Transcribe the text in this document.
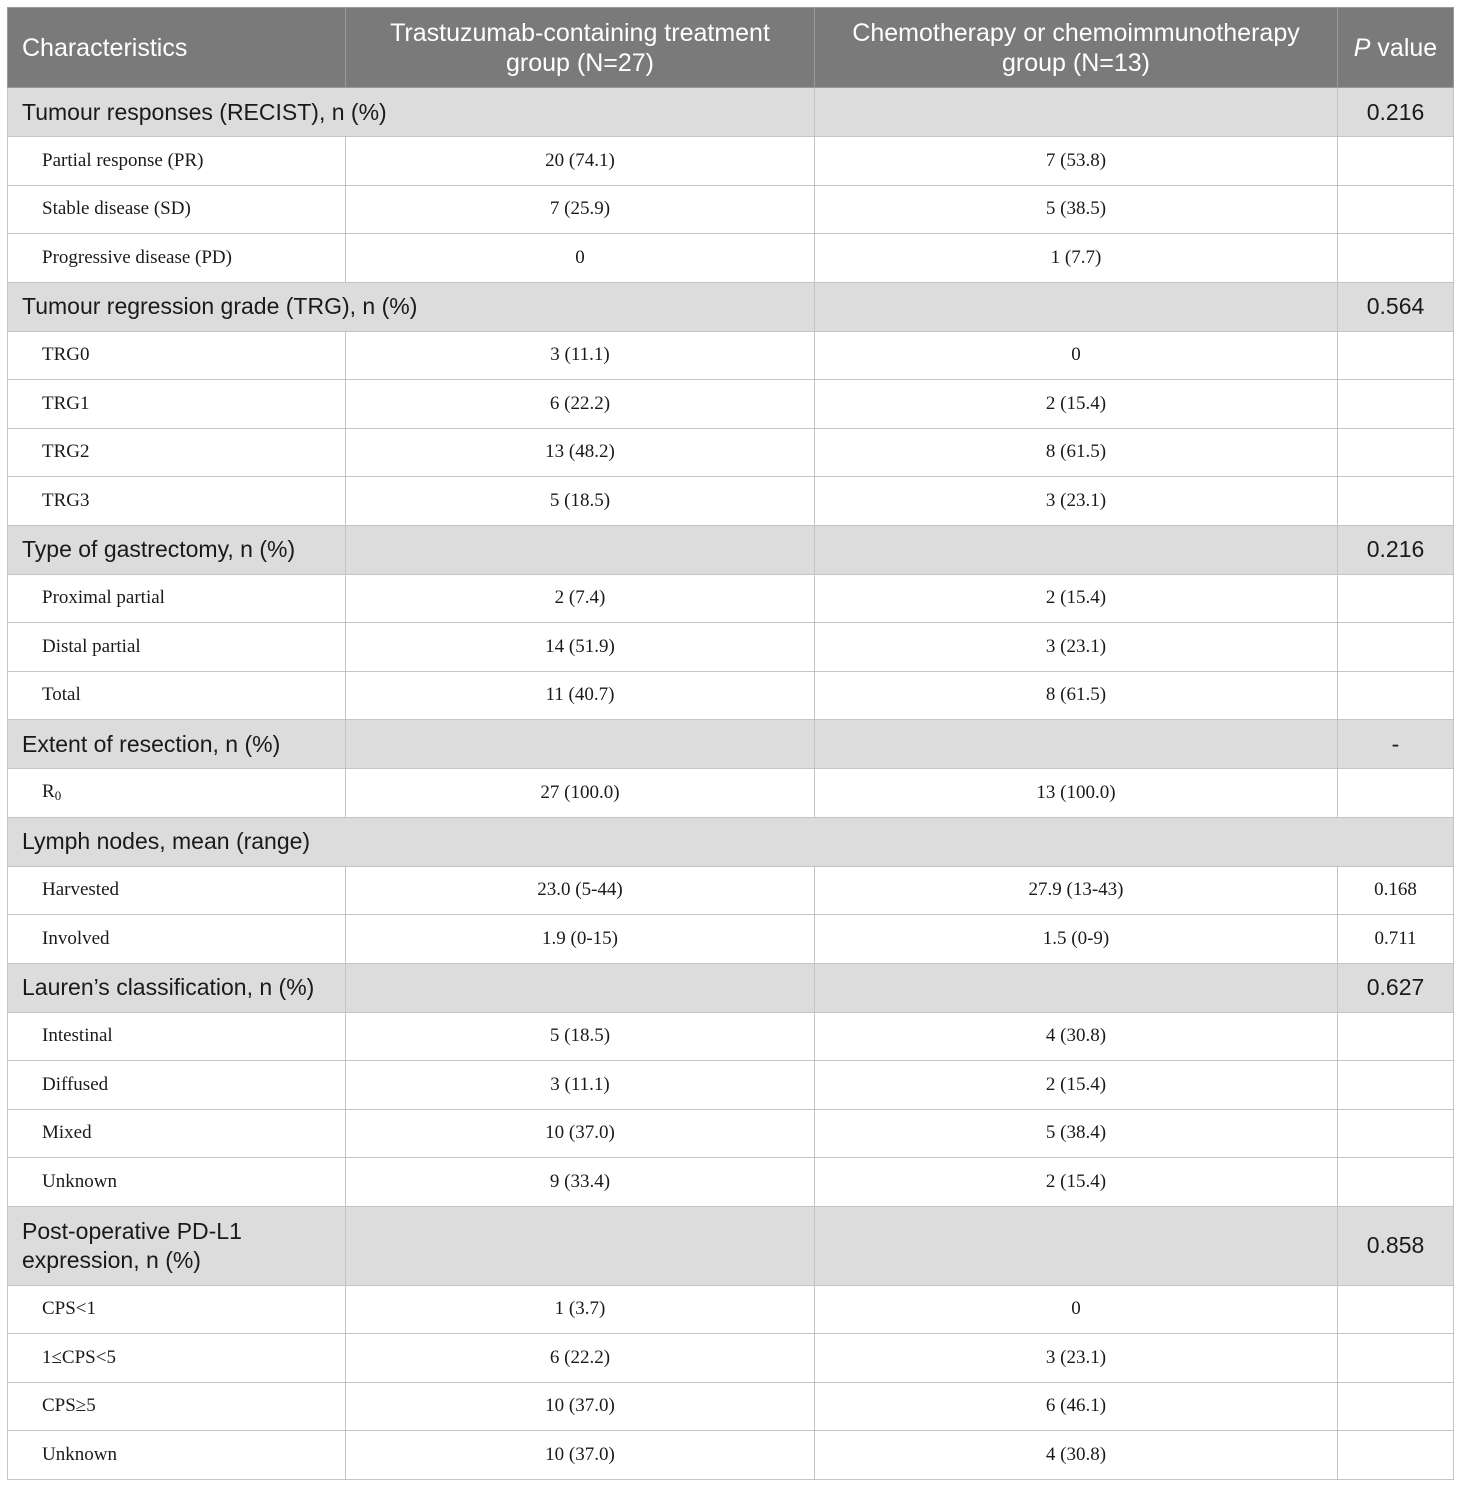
Characteristics	Trastuzumab-containing treatment group (N=27)	Chemotherapy or chemoimmunotherapy group (N=13)	P value
Tumour responses (RECIST), n (%)			0.216
Partial response (PR)	20 (74.1)	7 (53.8)	
Stable disease (SD)	7 (25.9)	5 (38.5)	
Progressive disease (PD)	0	1 (7.7)	
Tumour regression grade (TRG), n (%)			0.564
TRG0	3 (11.1)	0	
TRG1	6 (22.2)	2 (15.4)	
TRG2	13 (48.2)	8 (61.5)	
TRG3	5 (18.5)	3 (23.1)	
Type of gastrectomy, n (%)			0.216
Proximal partial	2 (7.4)	2 (15.4)	
Distal partial	14 (51.9)	3 (23.1)	
Total	11 (40.7)	8 (61.5)	
Extent of resection, n (%)			-
$R_0$	27 (100.0)	13 (100.0)	
Lymph nodes, mean (range)			
Harvested	23.0 (5-44)	27.9 (13-43)	0.168
Involved	1.9 (0-15)	1.5 (0-9)	0.711
Lauren’s classification, n (%)			0.627
Intestinal	5 (18.5)	4 (30.8)	
Diffused	3 (11.1)	2 (15.4)	
Mixed	10 (37.0)	5 (38.4)	
Unknown	9 (33.4)	2 (15.4)	
Post-operative PD-L1 expression, n (%)			0.858
CPS<1	1 (3.7)	0	
1≤CPS<5	6 (22.2)	3 (23.1)	
CPS≥5	10 (37.0)	6 (46.1)	
Unknown	10 (37.0)	4 (30.8)	
